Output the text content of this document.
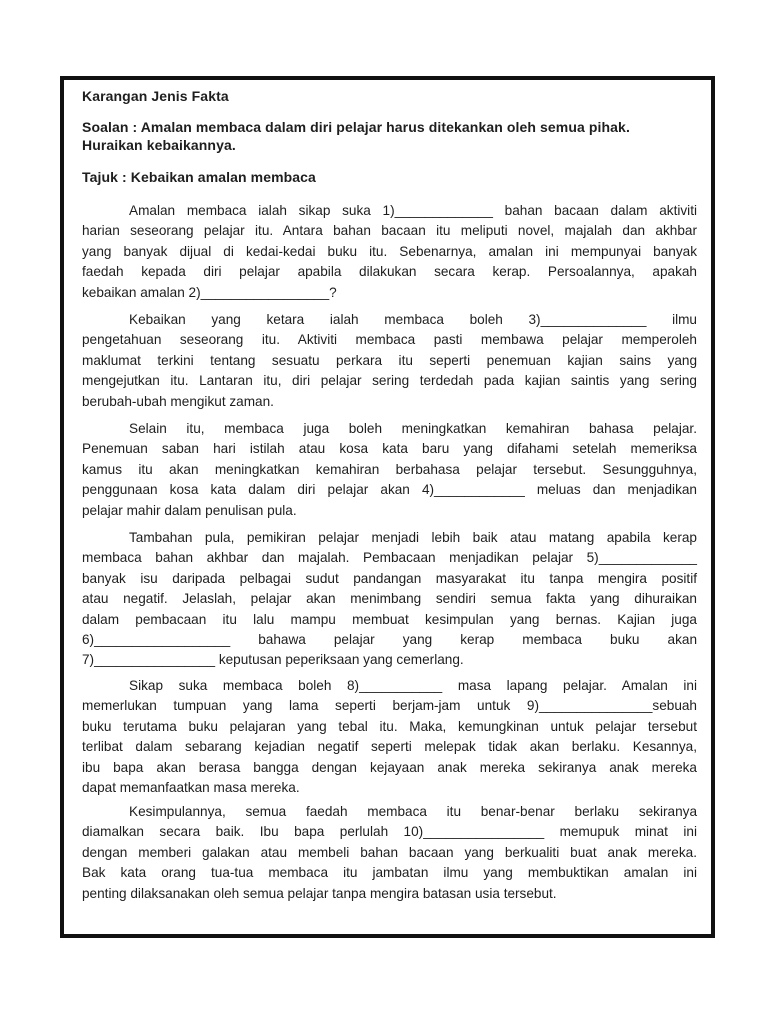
Karangan Jenis Fakta
Soalan : Amalan membaca dalam diri pelajar harus ditekankan oleh semua pihak.
Huraikan kebaikannya.
Tajuk : Kebaikan amalan membaca
Amalan membaca ialah sikap suka 1)_____________ bahan bacaan dalam aktiviti
harian seseorang pelajar itu. Antara bahan bacaan itu meliputi novel, majalah dan akhbar
yang banyak dijual di kedai-kedai buku itu. Sebenarnya, amalan ini mempunyai banyak
faedah kepada diri pelajar apabila dilakukan secara kerap. Persoalannya, apakah
kebaikan amalan 2)_________________?
Kebaikan yang ketara ialah membaca boleh 3)______________ ilmu
pengetahuan seseorang itu. Aktiviti membaca pasti membawa pelajar memperoleh
maklumat terkini tentang sesuatu perkara itu seperti penemuan kajian sains yang
mengejutkan itu. Lantaran itu, diri pelajar sering terdedah pada kajian saintis yang sering
berubah-ubah mengikut zaman.
Selain itu, membaca juga boleh meningkatkan kemahiran bahasa pelajar.
Penemuan saban hari istilah atau kosa kata baru yang difahami setelah memeriksa
kamus itu akan meningkatkan kemahiran berbahasa pelajar tersebut. Sesungguhnya,
penggunaan kosa kata dalam diri pelajar akan 4)____________ meluas dan menjadikan
pelajar mahir dalam penulisan pula.
Tambahan pula, pemikiran pelajar menjadi lebih baik atau matang apabila kerap
membaca bahan akhbar dan majalah. Pembacaan menjadikan pelajar 5)_____________
banyak isu daripada pelbagai sudut pandangan masyarakat itu tanpa mengira positif
atau negatif. Jelaslah, pelajar akan menimbang sendiri semua fakta yang dihuraikan
dalam pembacaan itu lalu mampu membuat kesimpulan yang bernas. Kajian juga
6)__________________ bahawa pelajar yang kerap membaca buku akan
7)________________ keputusan peperiksaan yang cemerlang.
Sikap suka membaca boleh 8)___________ masa lapang pelajar. Amalan ini
memerlukan tumpuan yang lama seperti berjam-jam untuk 9)_______________sebuah
buku terutama buku pelajaran yang tebal itu. Maka, kemungkinan untuk pelajar tersebut
terlibat dalam sebarang kejadian negatif seperti melepak tidak akan berlaku. Kesannya,
ibu bapa akan berasa bangga dengan kejayaan anak mereka sekiranya anak mereka
dapat memanfaatkan masa mereka.
Kesimpulannya, semua faedah membaca itu benar-benar berlaku sekiranya
diamalkan secara baik. Ibu bapa perlulah 10)________________ memupuk minat ini
dengan memberi galakan atau membeli bahan bacaan yang berkualiti buat anak mereka.
Bak kata orang tua-tua membaca itu jambatan ilmu yang membuktikan amalan ini
penting dilaksanakan oleh semua pelajar tanpa mengira batasan usia tersebut.
